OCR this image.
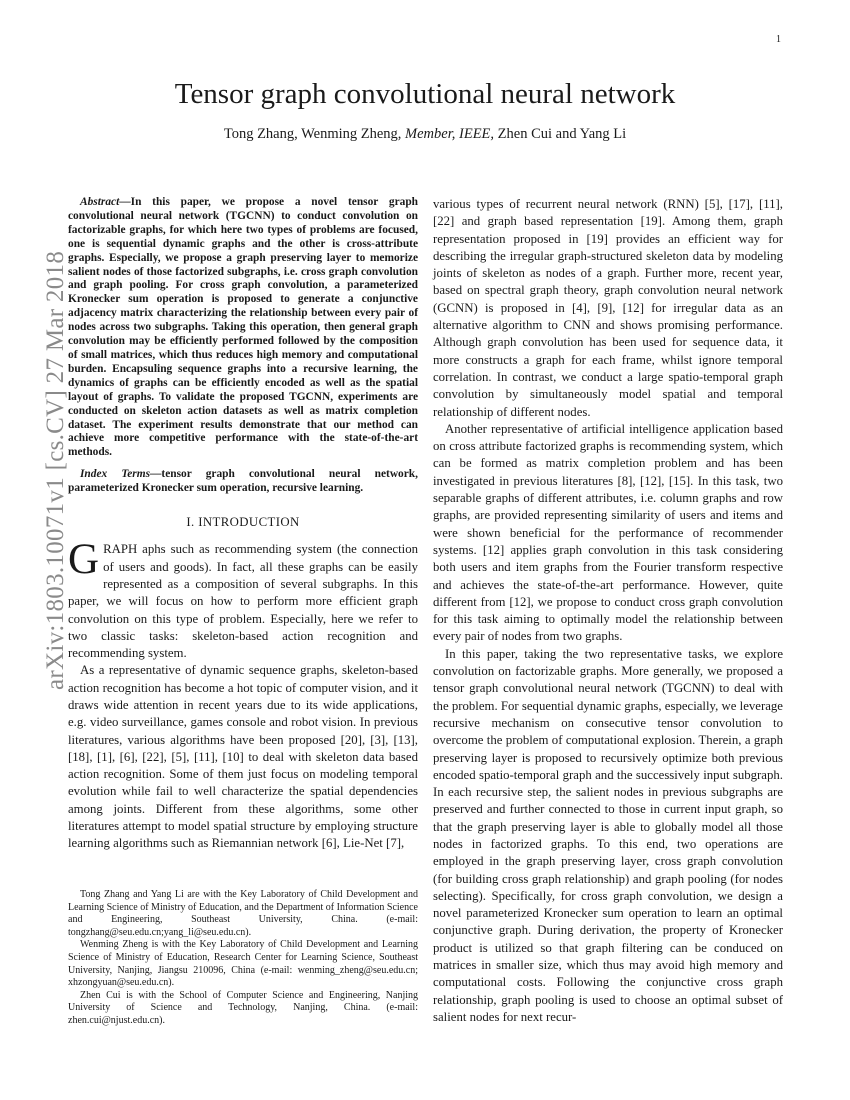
1
arXiv:1803.10071v1 [cs.CV] 27 Mar 2018
Tensor graph convolutional neural network
Tong Zhang, Wenming Zheng, Member, IEEE, Zhen Cui and Yang Li

Abstract—In this paper, we propose a novel tensor graph convolutional neural network (TGCNN) to conduct convolution on factorizable graphs, for which here two types of problems are focused, one is sequential dynamic graphs and the other is cross-attribute graphs. Especially, we propose a graph preserving layer to memorize salient nodes of those factorized subgraphs, i.e. cross graph convolution and graph pooling. For cross graph convolution, a parameterized Kronecker sum operation is proposed to generate a conjunctive adjacency matrix characterizing the relationship between every pair of nodes across two subgraphs. Taking this operation, then general graph convolution may be efficiently performed followed by the composition of small matrices, which thus reduces high memory and computational burden. Encapsuling sequence graphs into a recursive learning, the dynamics of graphs can be efficiently encoded as well as the spatial layout of graphs. To validate the proposed TGCNN, experiments are conducted on skeleton action datasets as well as matrix completion dataset. The experiment results demonstrate that our method can achieve more competitive performance with the state-of-the-art methods.

Index Terms—tensor graph convolutional neural network, parameterized Kronecker sum operation, recursive learning.

I. INTRODUCTION

GRAPH aphs such as recommending system (the connection of users and goods). In fact, all these graphs can be easily represented as a composition of several subgraphs. In this paper, we will focus on how to perform more efficient graph convolution on this type of problem. Especially, here we refer to two classic tasks: skeleton-based action recognition and recommending system.

As a representative of dynamic sequence graphs, skeleton-based action recognition has become a hot topic of computer vision, and it draws wide attention in recent years due to its wide applications, e.g. video surveillance, games console and robot vision. In previous literatures, various algorithms have been proposed [20], [3], [13], [18], [1], [6], [22], [5], [11], [10] to deal with skeleton data based action recognition. Some of them just focus on modeling temporal evolution while fail to well characterize the spatial dependencies among joints. Different from these algorithms, some other literatures attempt to model spatial structure by employing structure learning algorithms such as Riemannian network [6], Lie-Net [7],

Tong Zhang and Yang Li are with the Key Laboratory of Child Development and Learning Science of Ministry of Education, and the Department of Information Science and Engineering, Southeast University, China. (e-mail: tongzhang@seu.edu.cn;yang_li@seu.edu.cn).

Wenming Zheng is with the Key Laboratory of Child Development and Learning Science of Ministry of Education, Research Center for Learning Science, Southeast University, Nanjing, Jiangsu 210096, China (e-mail: wenming_zheng@seu.edu.cn; xhzongyuan@seu.edu.cn).

Zhen Cui is with the School of Computer Science and Engineering, Nanjing University of Science and Technology, Nanjing, China. (e-mail: zhen.cui@njust.edu.cn).

various types of recurrent neural network (RNN) [5], [17], [11], [22] and graph based representation [19]. Among them, graph representation proposed in [19] provides an efficient way for describing the irregular graph-structured skeleton data by modeling joints of skeleton as nodes of a graph. Further more, recent year, based on spectral graph theory, graph convolution neural network (GCNN) is proposed in [4], [9], [12] for irregular data as an alternative algorithm to CNN and shows promising performance. Although graph convolution has been used for sequence data, it more constructs a graph for each frame, whilst ignore temporal correlation. In contrast, we conduct a large spatio-temporal graph convolution by simultaneously model spatial and temporal relationship of different nodes.

Another representative of artificial intelligence application based on cross attribute factorized graphs is recommending system, which can be formed as matrix completion problem and has been investigated in previous literatures [8], [12], [15]. In this task, two separable graphs of different attributes, i.e. column graphs and row graphs, are provided representing similarity of users and items and were shown beneficial for the performance of recommender systems. [12] applies graph convolution in this task considering both users and item graphs from the Fourier transform respective and achieves the state-of-the-art performance. However, quite different from [12], we propose to conduct cross graph convolution for this task aiming to optimally model the relationship between every pair of nodes from two graphs.

In this paper, taking the two representative tasks, we explore convolution on factorizable graphs. More generally, we proposed a tensor graph convolutional neural network (TGCNN) to deal with the problem. For sequential dynamic graphs, especially, we leverage recursive mechanism on consecutive tensor convolution to overcome the problem of computational explosion. Therein, a graph preserving layer is proposed to recursively optimize both previous encoded spatio-temporal graph and the successively input subgraph. In each recursive step, the salient nodes in previous subgraphs are preserved and further connected to those in current input graph, so that the graph preserving layer is able to globally model all those nodes in factorized graphs. To this end, two operations are employed in the graph preserving layer, cross graph convolution (for building cross graph relationship) and graph pooling (for nodes selecting). Specifically, for cross graph convolution, we design a novel parameterized Kronecker sum operation to learn an optimal conjunctive graph. During derivation, the property of Kronecker product is utilized so that graph filtering can be conduced on matrices in smaller size, which thus may avoid high memory and computational costs. Following the conjunctive cross graph relationship, graph pooling is used to choose an optimal subset of salient nodes for next recur-
